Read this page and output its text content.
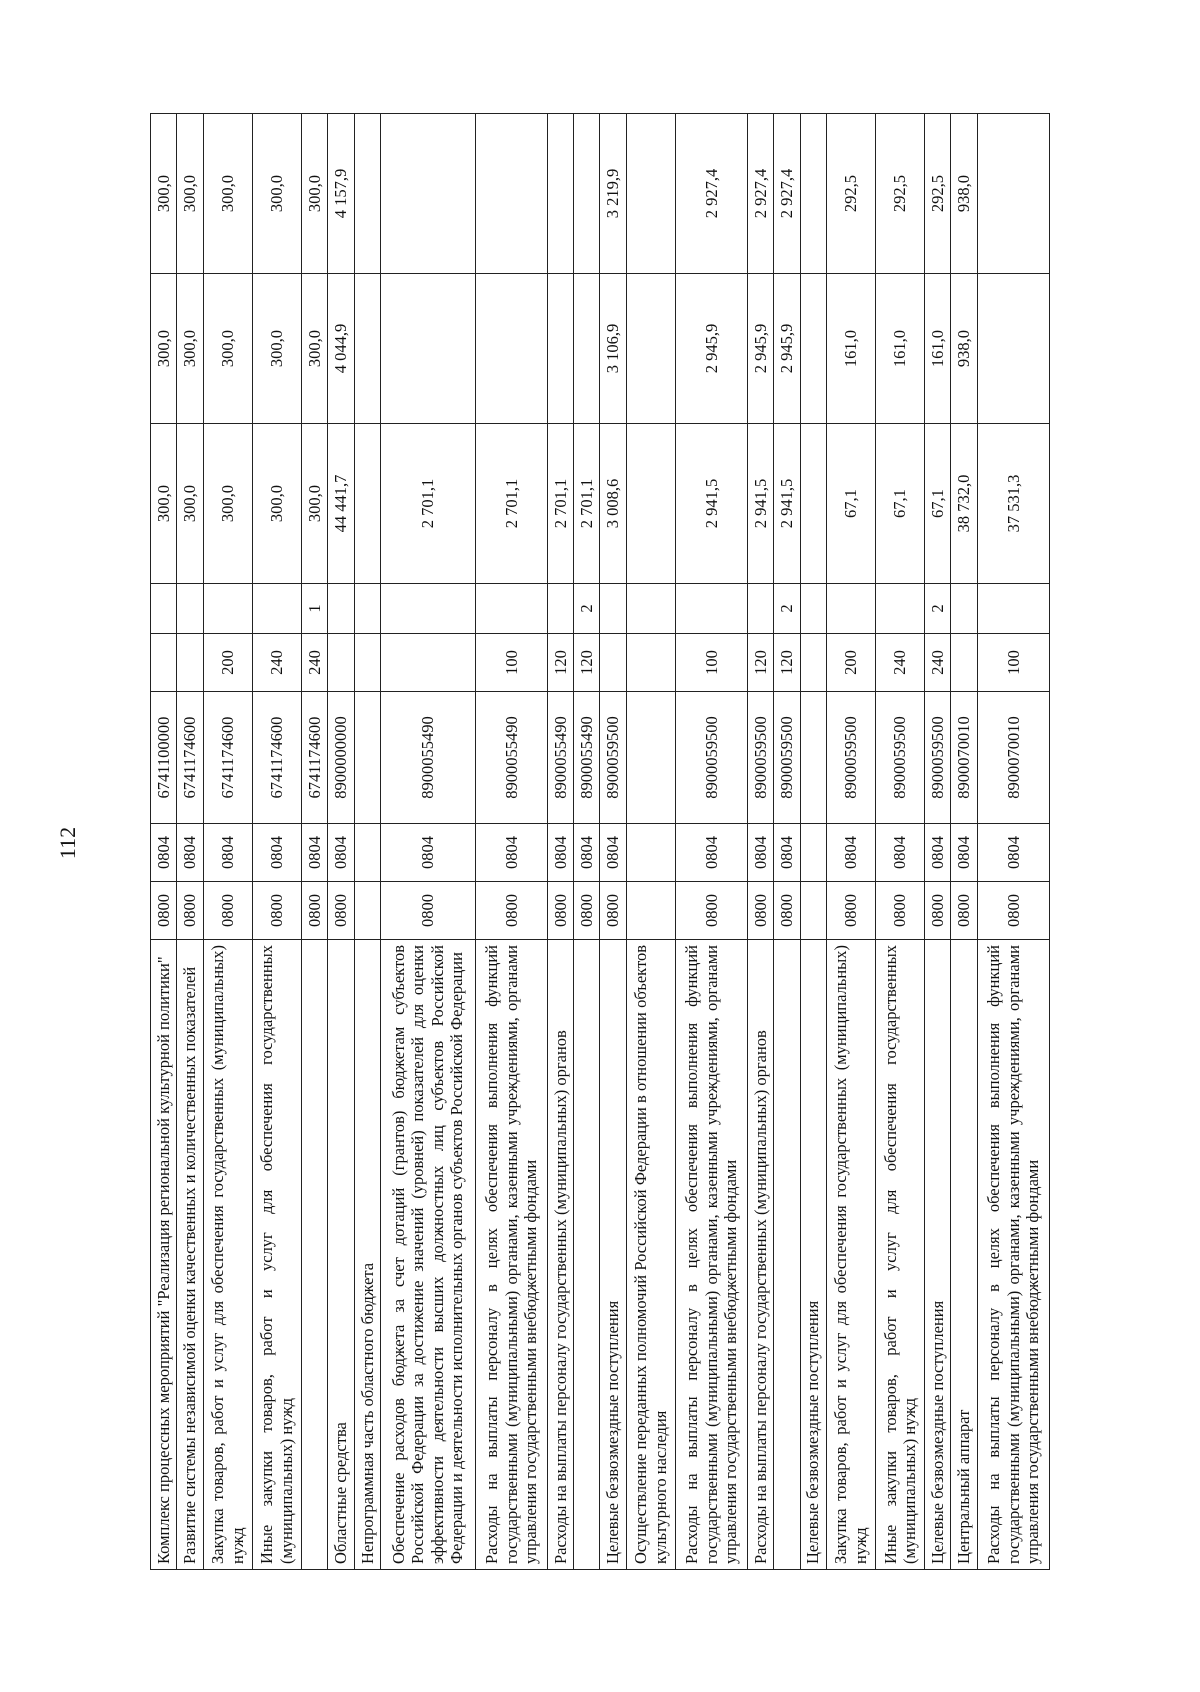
112
Комплекс процессных мероприятий "Реализация региональной культурной политики"	0800	0804	6741100000			300,0	300,0	300,0
Развитие системы независимой оценки качественных и количественных показателей	0800	0804	6741174600			300,0	300,0	300,0
Закупка товаров, работ и услуг для обеспечения государственных (муниципальных) нужд	0800	0804	6741174600	200		300,0	300,0	300,0
Иные закупки товаров, работ и услуг для обеспечения государственных (муниципальных) нужд	0800	0804	6741174600	240		300,0	300,0	300,0
	0800	0804	6741174600	240	1	300,0	300,0	300,0
Областные средства	0800	0804	8900000000			44 441,7	4 044,9	4 157,9
Непрограммная часть областного бюджета								
Обеспечение расходов бюджета за счет дотаций (грантов) бюджетам субъектов Российской Федерации за достижение значений (уровней) показателей для оценки эффективности деятельности высших должностных лиц субъектов Российской Федерации и деятельности исполнительных органов субъектов Российской Федерации	0800	0804	8900055490			2 701,1		
Расходы на выплаты персоналу в целях обеспечения выполнения функций государственными (муниципальными) органами, казенными учреждениями, органами управления государственными внебюджетными фондами	0800	0804	8900055490	100		2 701,1		
Расходы на выплаты персоналу государственных (муниципальных) органов	0800	0804	8900055490	120		2 701,1		
	0800	0804	8900055490	120	2	2 701,1		
Целевые безвозмездные поступления	0800	0804	8900059500			3 008,6	3 106,9	3 219,9
Осуществление переданных полномочий Российской Федерации в отношении объектов культурного наследия								
Расходы на выплаты персоналу в целях обеспечения выполнения функций государственными (муниципальными) органами, казенными учреждениями, органами управления государственными внебюджетными фондами	0800	0804	8900059500	100		2 941,5	2 945,9	2 927,4
Расходы на выплаты персоналу государственных (муниципальных) органов	0800	0804	8900059500	120		2 941,5	2 945,9	2 927,4
	0800	0804	8900059500	120	2	2 941,5	2 945,9	2 927,4
Целевые безвозмездные поступления								
Закупка товаров, работ и услуг для обеспечения государственных (муниципальных) нужд	0800	0804	8900059500	200		67,1	161,0	292,5
Иные закупки товаров, работ и услуг для обеспечения государственных (муниципальных) нужд	0800	0804	8900059500	240		67,1	161,0	292,5
Целевые безвозмездные поступления	0800	0804	8900059500	240	2	67,1	161,0	292,5
Центральный аппарат	0800	0804	8900070010			38 732,0	938,0	938,0
Расходы на выплаты персоналу в целях обеспечения выполнения функций государственными (муниципальными) органами, казенными учреждениями, органами управления государственными внебюджетными фондами	0800	0804	8900070010	100		37 531,3		
